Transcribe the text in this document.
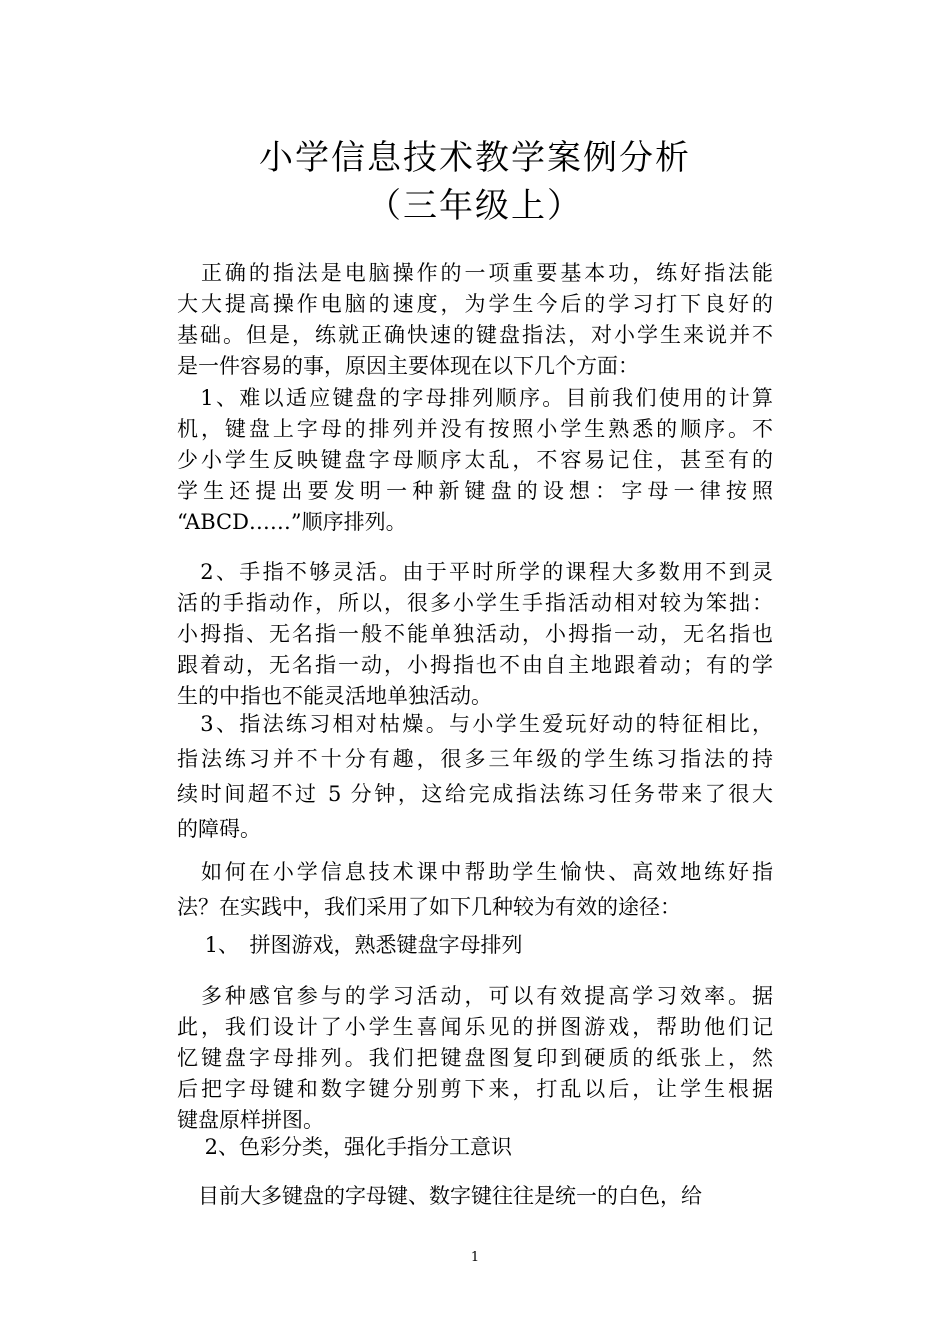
小学信息技术教学案例分析
（三年级上）
　正确的指法是电脑操作的一项重要基本功，练好指法能
大大提高操作电脑的速度，为学生今后的学习打下良好的
基础。但是，练就正确快速的键盘指法，对小学生来说并不
是一件容易的事，原因主要体现在以下几个方面：
　1、难以适应键盘的字母排列顺序。目前我们使用的计算
机，键盘上字母的排列并没有按照小学生熟悉的顺序。不
少小学生反映键盘字母顺序太乱，不容易记住，甚至有的
学生还提出要发明一种新键盘的设想：字母一律按照
“ABCD……”顺序排列。
　2、手指不够灵活。由于平时所学的课程大多数用不到灵
活的手指动作，所以，很多小学生手指活动相对较为笨拙：
小拇指、无名指一般不能单独活动，小拇指一动，无名指也
跟着动，无名指一动，小拇指也不由自主地跟着动；有的学
生的中指也不能灵活地单独活动。
　3、指法练习相对枯燥。与小学生爱玩好动的特征相比，
指法练习并不十分有趣，很多三年级的学生练习指法的持
续时间超不过 5 分钟，这给完成指法练习任务带来了很大
的障碍。
　如何在小学信息技术课中帮助学生愉快、高效地练好指
法？在实践中，我们采用了如下几种较为有效的途径：
　 1、　拼图游戏，熟悉键盘字母排列
　多种感官参与的学习活动，可以有效提高学习效率。据
此，我们设计了小学生喜闻乐见的拼图游戏，帮助他们记
忆键盘字母排列。我们把键盘图复印到硬质的纸张上，然
后把字母键和数字键分别剪下来，打乱以后，让学生根据
键盘原样拼图。
　 2、色彩分类，强化手指分工意识
　目前大多键盘的字母键、数字键往往是统一的白色，给
1
